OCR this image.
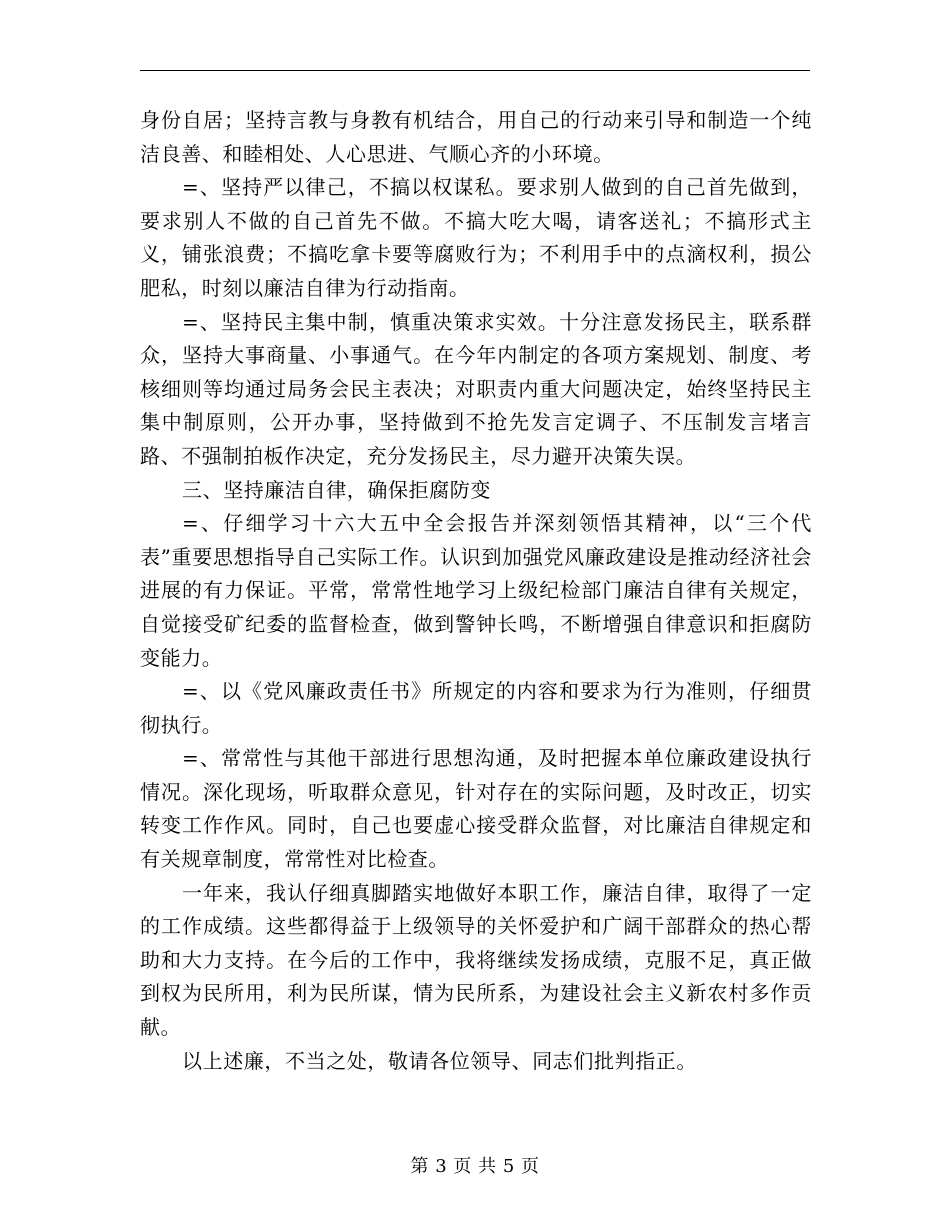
身份自居；坚持言教与身教有机结合，用自己的行动来引导和制造一个纯洁良善、和睦相处、人心思进、气顺心齐的小环境。

=、坚持严以律己，不搞以权谋私。要求别人做到的自己首先做到，要求别人不做的自己首先不做。不搞大吃大喝，请客送礼；不搞形式主义，铺张浪费；不搞吃拿卡要等腐败行为；不利用手中的点滴权利，损公肥私，时刻以廉洁自律为行动指南。

=、坚持民主集中制，慎重决策求实效。十分注意发扬民主，联系群众，坚持大事商量、小事通气。在今年内制定的各项方案规划、制度、考核细则等均通过局务会民主表决；对职责内重大问题决定，始终坚持民主集中制原则，公开办事，坚持做到不抢先发言定调子、不压制发言堵言路、不强制拍板作决定，充分发扬民主，尽力避开决策失误。

三、坚持廉洁自律，确保拒腐防变

=、仔细学习十六大五中全会报告并深刻领悟其精神，以“三个代表”重要思想指导自己实际工作。认识到加强党风廉政建设是推动经济社会进展的有力保证。平常，常常性地学习上级纪检部门廉洁自律有关规定，自觉接受矿纪委的监督检查，做到警钟长鸣，不断增强自律意识和拒腐防变能力。

=、以《党风廉政责任书》所规定的内容和要求为行为准则，仔细贯彻执行。

=、常常性与其他干部进行思想沟通，及时把握本单位廉政建设执行情况。深化现场，听取群众意见，针对存在的实际问题，及时改正，切实转变工作作风。同时，自己也要虚心接受群众监督，对比廉洁自律规定和有关规章制度，常常性对比检查。

一年来，我认仔细真脚踏实地做好本职工作，廉洁自律，取得了一定的工作成绩。这些都得益于上级领导的关怀爱护和广阔干部群众的热心帮助和大力支持。在今后的工作中，我将继续发扬成绩，克服不足，真正做到权为民所用，利为民所谋，情为民所系，为建设社会主义新农村多作贡献。

以上述廉，不当之处，敬请各位领导、同志们批判指正。

第 3 页 共 5 页
